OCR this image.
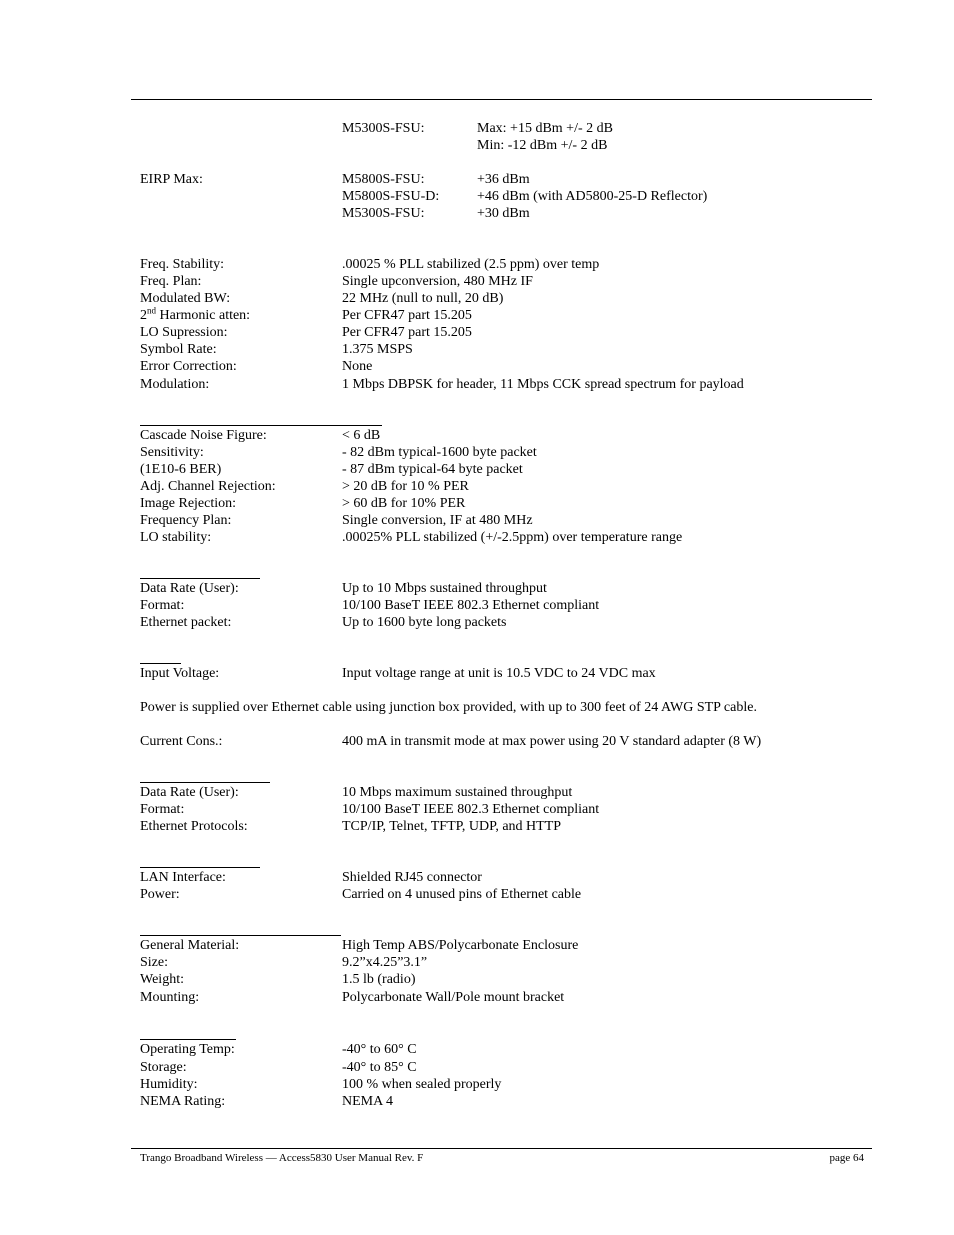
M5300S-FSU:	Max: +15 dBm +/- 2 dB
Min: -12 dBm +/- 2 dB
EIRP Max:	M5800S-FSU:	+36 dBm
M5800S-FSU-D:	+46 dBm (with AD5800-25-D Reflector)
M5300S-FSU:	+30 dBm
Freq. Stability:	.00025 % PLL stabilized (2.5 ppm) over temp
Freq. Plan:	Single upconversion, 480 MHz IF
Modulated BW:	22 MHz (null to null, 20 dB)
2nd Harmonic atten:	Per CFR47 part 15.205
LO Supression:	Per CFR47 part 15.205
Symbol Rate:	1.375 MSPS
Error Correction:	None
Modulation:	1 Mbps DBPSK for header, 11 Mbps CCK spread spectrum for payload
Cascade Noise Figure:	< 6 dB
Sensitivity:	- 82 dBm typical-1600 byte packet
(1E10-6 BER)	- 87 dBm typical-64 byte packet
Adj. Channel Rejection:	> 20 dB for 10 % PER
Image Rejection:	> 60 dB for 10% PER
Frequency Plan:	Single conversion, IF at 480 MHz
LO stability:	.00025% PLL stabilized (+/-2.5ppm) over temperature range
Data Rate (User):	Up to 10 Mbps sustained throughput
Format:	10/100 BaseT IEEE 802.3 Ethernet compliant
Ethernet packet:	Up to 1600 byte long packets
Input Voltage:	Input voltage range at unit is 10.5 VDC to 24 VDC max
Power is supplied over Ethernet cable using junction box provided, with up to 300 feet of 24 AWG STP cable.
Current Cons.:	400 mA in transmit mode at max power using 20 V standard adapter (8 W)
Data Rate (User):	10 Mbps maximum sustained throughput
Format:	10/100 BaseT IEEE 802.3 Ethernet compliant
Ethernet Protocols:	TCP/IP, Telnet, TFTP, UDP, and HTTP
LAN Interface:	Shielded RJ45 connector
Power:	Carried on 4 unused pins of Ethernet cable
General Material:	High Temp ABS/Polycarbonate Enclosure
Size:	9.2”x4.25”3.1”
Weight:	1.5 lb (radio)
Mounting:	Polycarbonate Wall/Pole mount bracket
Operating Temp:	-40° to 60° C
Storage:	-40° to 85° C
Humidity:	100 % when sealed properly
NEMA Rating:	NEMA 4
Trango Broadband Wireless — Access5830 User Manual Rev. F	page 64
